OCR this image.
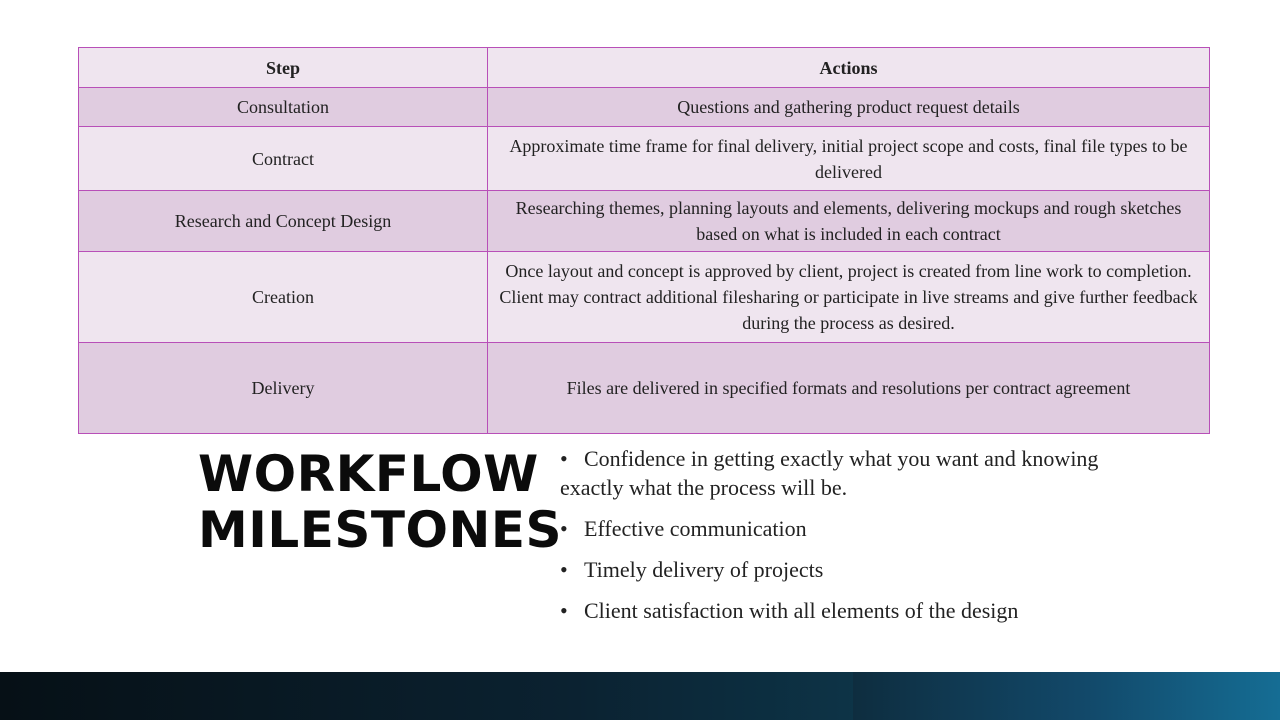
Step	Actions
Consultation	Questions and gathering product request details
Contract	Approximate time frame for final delivery, initial project scope and costs, final file types to be delivered
Research and Concept Design	Researching themes, planning layouts and elements, delivering mockups and rough sketches based on what is included in each contract
Creation	Once layout and concept is approved by client, project is created from line work to completion. Client may contract additional filesharing or participate in live streams and give further feedback during the process as desired.
Delivery	Files are delivered in specified formats and resolutions per contract agreement
WORKFLOW
MILESTONES
• Confidence in getting exactly what you want and knowing exactly what the process will be.
• Effective communication
• Timely delivery of projects
• Client satisfaction with all elements of the design
